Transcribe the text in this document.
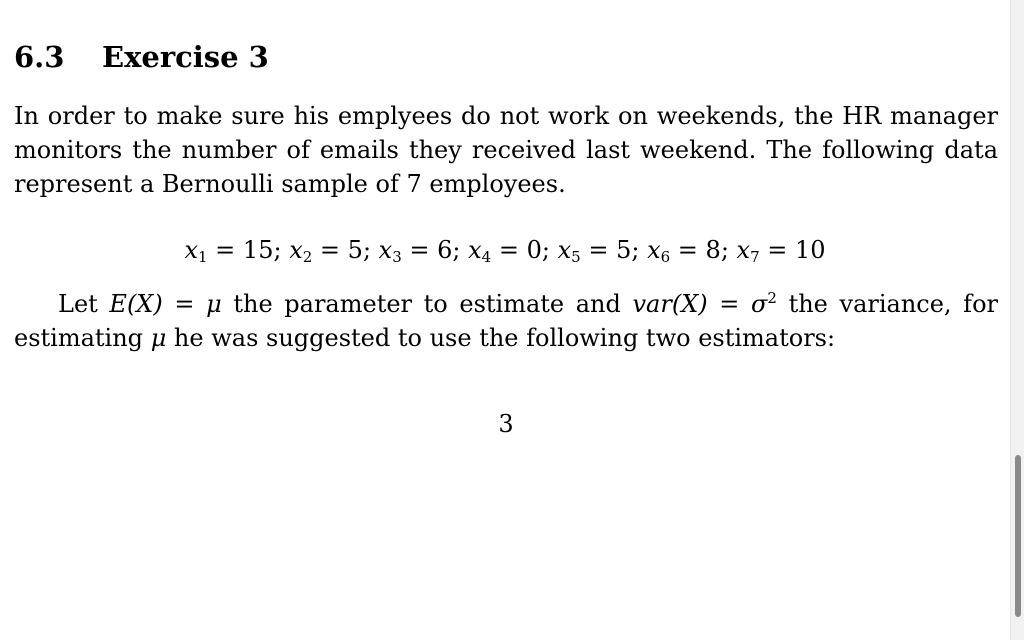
6.3 Exercise 3
In order to make sure his emplyees do not work on weekends, the HR manager
monitors the number of emails they received last weekend. The following data
represent a Bernoulli sample of 7 employees.
$x_1 = 15$; $x_2 = 5$; $x_3 = 6$; $x_4 = 0$; $x_5 = 5$; $x_6 = 8$; $x_7 = 10$
Let E(X) = μ the parameter to estimate and $var(X) = \sigma^2$ the variance, for
estimating μ he was suggested to use the following two estimators:
3
